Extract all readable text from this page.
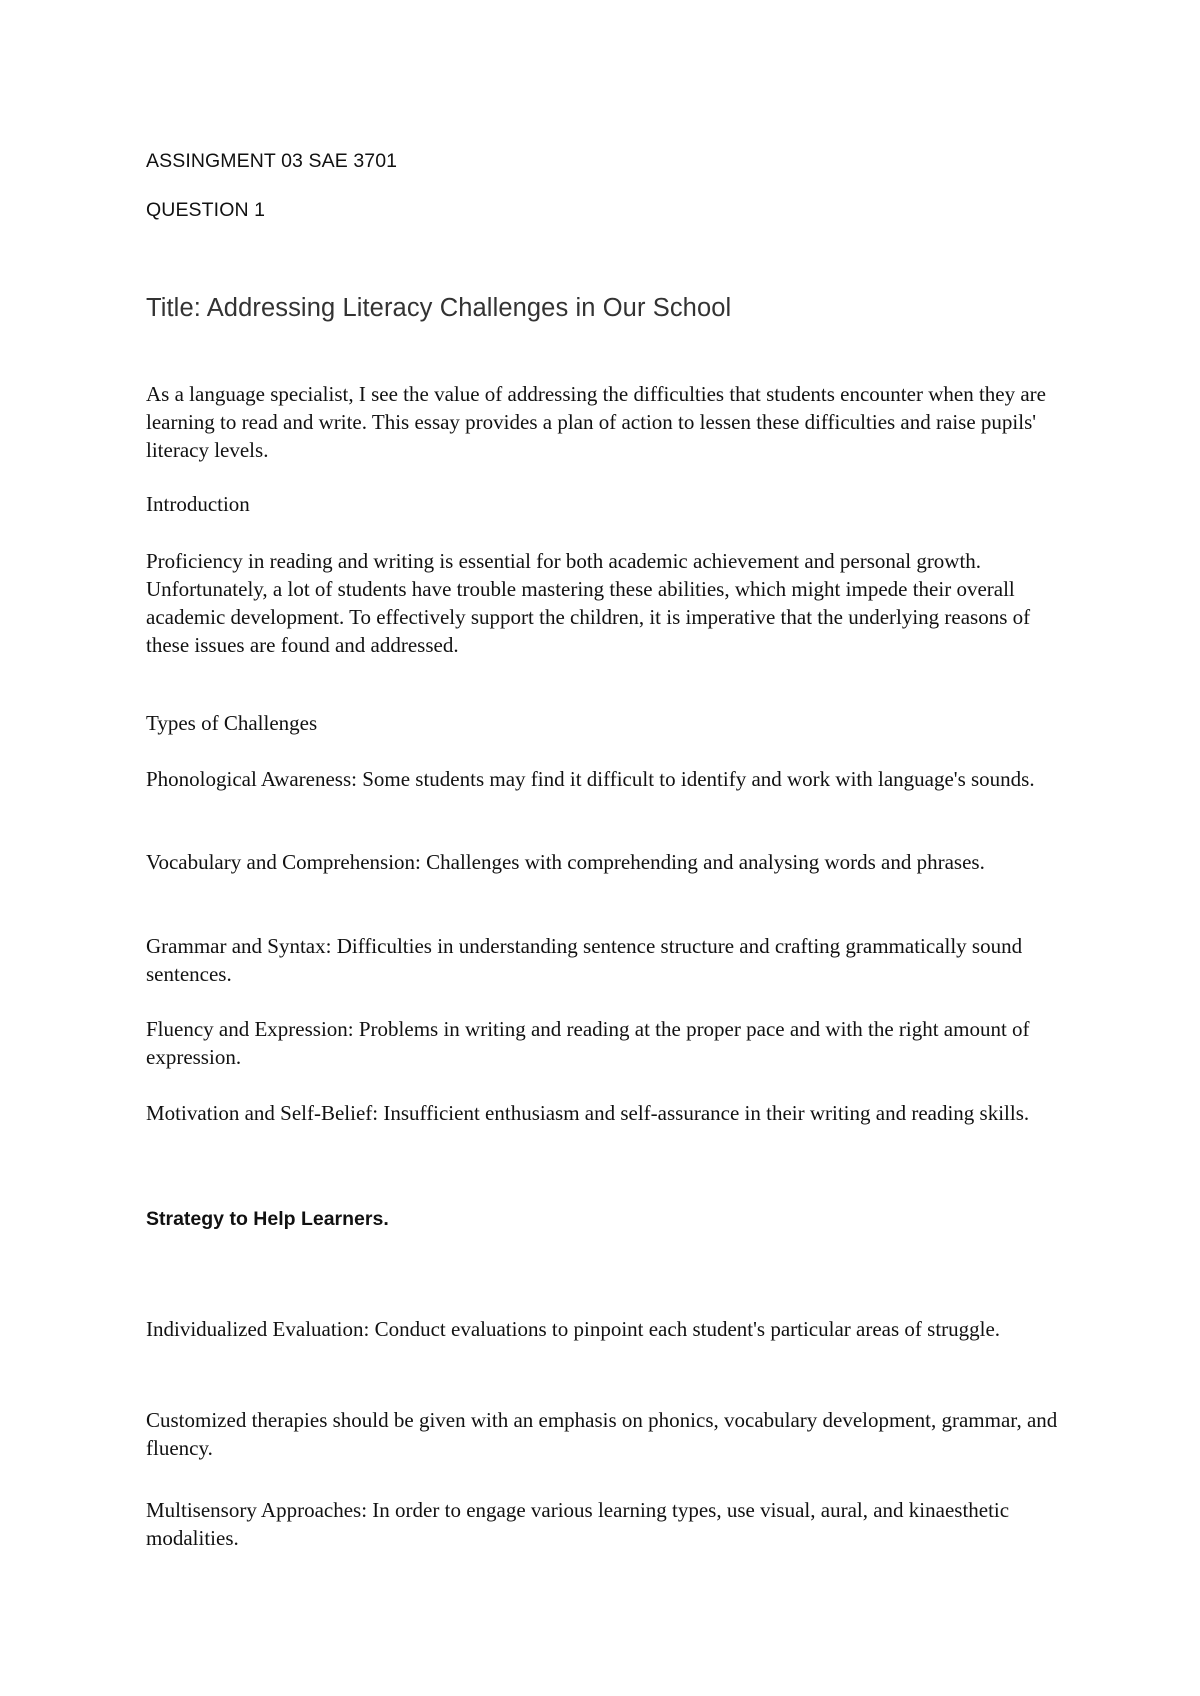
ASSINGMENT 03 SAE 3701

QUESTION 1

Title: Addressing Literacy Challenges in Our School

As a language specialist, I see the value of addressing the difficulties that students encounter when they are learning to read and write. This essay provides a plan of action to lessen these difficulties and raise pupils' literacy levels.

Introduction

Proficiency in reading and writing is essential for both academic achievement and personal growth. Unfortunately, a lot of students have trouble mastering these abilities, which might impede their overall academic development. To effectively support the children, it is imperative that the underlying reasons of these issues are found and addressed.

Types of Challenges

Phonological Awareness: Some students may find it difficult to identify and work with language's sounds.

Vocabulary and Comprehension: Challenges with comprehending and analysing words and phrases.

Grammar and Syntax: Difficulties in understanding sentence structure and crafting grammatically sound sentences.

Fluency and Expression: Problems in writing and reading at the proper pace and with the right amount of expression.

Motivation and Self-Belief: Insufficient enthusiasm and self-assurance in their writing and reading skills.

Strategy to Help Learners.

Individualized Evaluation: Conduct evaluations to pinpoint each student's particular areas of struggle.

Customized therapies should be given with an emphasis on phonics, vocabulary development, grammar, and fluency.

Multisensory Approaches: In order to engage various learning types, use visual, aural, and kinaesthetic modalities.
